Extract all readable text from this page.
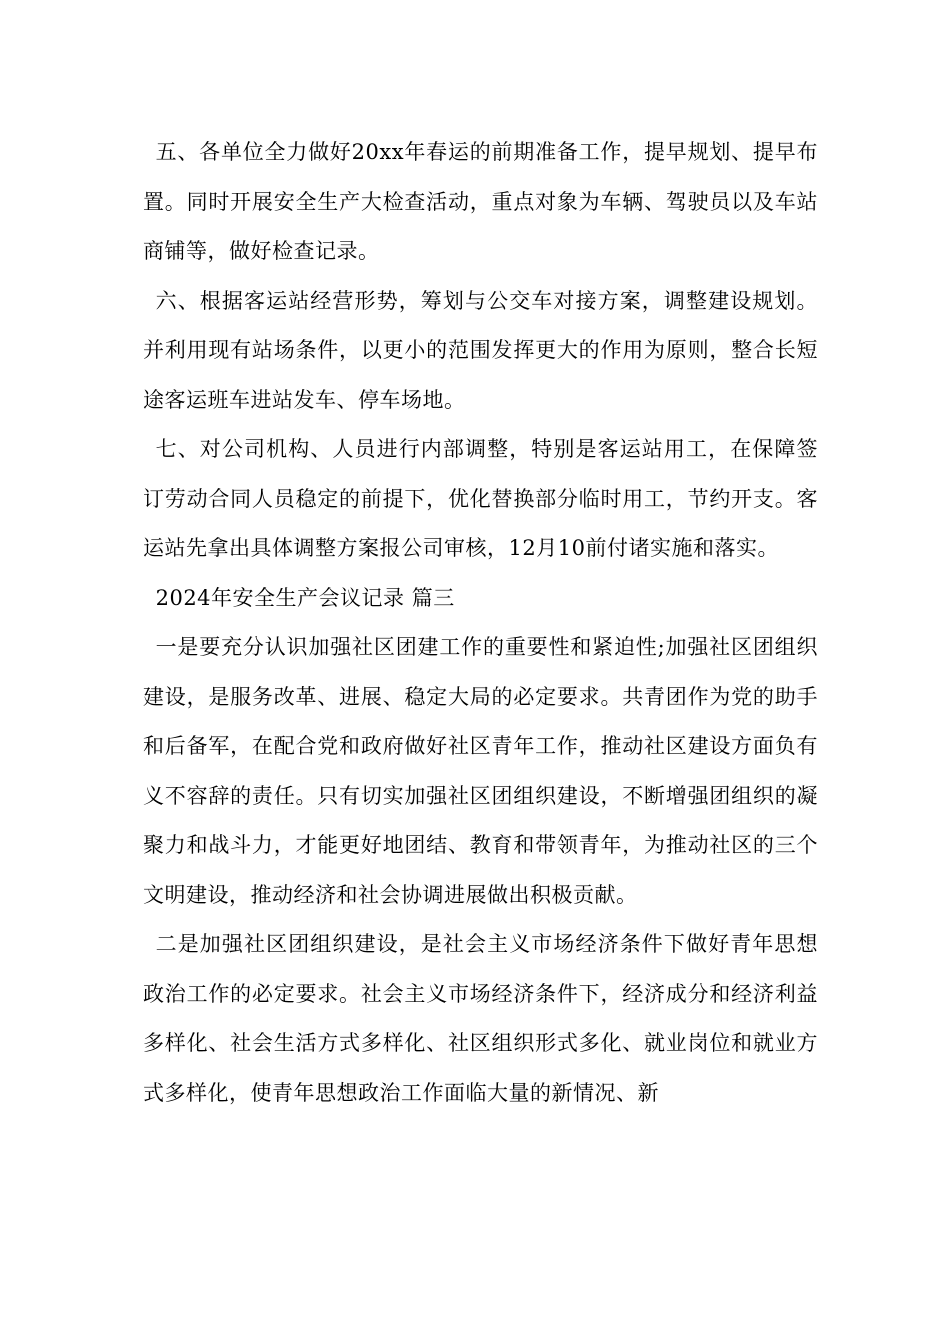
五、各单位全力做好20xx年春运的前期准备工作，提早规划、提早布置。同时开展安全生产大检查活动，重点对象为车辆、驾驶员以及车站商铺等，做好检查记录。

六、根据客运站经营形势，筹划与公交车对接方案，调整建设规划。并利用现有站场条件，以更小的范围发挥更大的作用为原则，整合长短途客运班车进站发车、停车场地。

七、对公司机构、人员进行内部调整，特别是客运站用工，在保障签订劳动合同人员稳定的前提下，优化替换部分临时用工，节约开支。客运站先拿出具体调整方案报公司审核，12月10前付诸实施和落实。

2024年安全生产会议记录 篇三

一是要充分认识加强社区团建工作的重要性和紧迫性;加强社区团组织建设，是服务改革、进展、稳定大局的必定要求。共青团作为党的助手和后备军，在配合党和政府做好社区青年工作，推动社区建设方面负有义不容辞的责任。只有切实加强社区团组织建设，不断增强团组织的凝聚力和战斗力，才能更好地团结、教育和带领青年，为推动社区的三个文明建设，推动经济和社会协调进展做出积极贡献。

二是加强社区团组织建设，是社会主义市场经济条件下做好青年思想政治工作的必定要求。社会主义市场经济条件下，经济成分和经济利益多样化、社会生活方式多样化、社区组织形式多化、就业岗位和就业方式多样化，使青年思想政治工作面临大量的新情况、新
